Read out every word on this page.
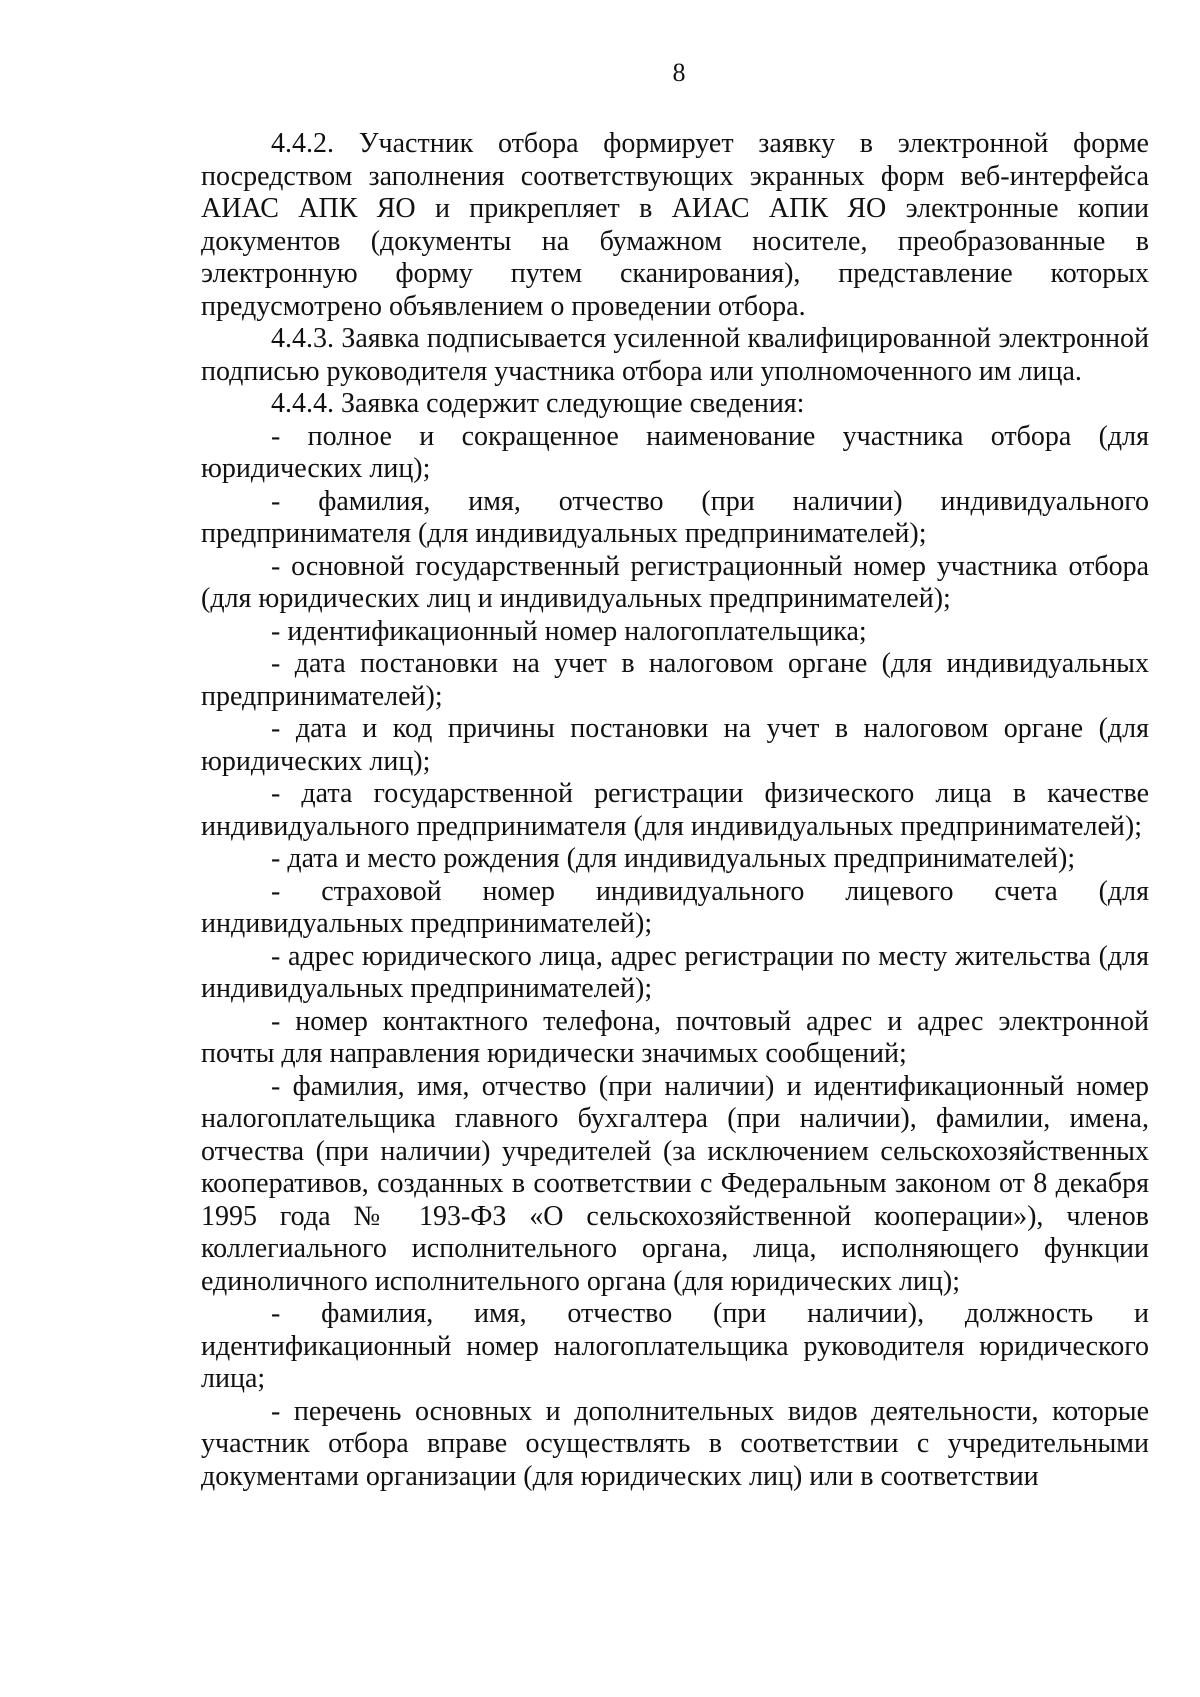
8

4.4.2. Участник отбора формирует заявку в электронной форме посредством заполнения соответствующих экранных форм веб-интерфейса АИАС АПК ЯО и прикрепляет в АИАС АПК ЯО электронные копии документов (документы на бумажном носителе, преобразованные в электронную форму путем сканирования), представление которых предусмотрено объявлением о проведении отбора.

4.4.3. Заявка подписывается усиленной квалифицированной электронной подписью руководителя участника отбора или уполномоченного им лица.

4.4.4. Заявка содержит следующие сведения:

- полное и сокращенное наименование участника отбора (для юридических лиц);

- фамилия, имя, отчество (при наличии) индивидуального предпринимателя (для индивидуальных предпринимателей);

- основной государственный регистрационный номер участника отбора (для юридических лиц и индивидуальных предпринимателей);

- идентификационный номер налогоплательщика;

- дата постановки на учет в налоговом органе (для индивидуальных предпринимателей);

- дата и код причины постановки на учет в налоговом органе (для юридических лиц);

- дата государственной регистрации физического лица в качестве индивидуального предпринимателя (для индивидуальных предпринимателей);

- дата и место рождения (для индивидуальных предпринимателей);

- страховой номер индивидуального лицевого счета (для индивидуальных предпринимателей);

- адрес юридического лица, адрес регистрации по месту жительства (для индивидуальных предпринимателей);

- номер контактного телефона, почтовый адрес и адрес электронной почты для направления юридически значимых сообщений;

- фамилия, имя, отчество (при наличии) и идентификационный номер налогоплательщика главного бухгалтера (при наличии), фамилии, имена, отчества (при наличии) учредителей (за исключением сельскохозяйственных кооперативов, созданных в соответствии с Федеральным законом от 8 декабря 1995 года № 193-ФЗ «О сельскохозяйственной кооперации»), членов коллегиального исполнительного органа, лица, исполняющего функции единоличного исполнительного органа (для юридических лиц);

- фамилия, имя, отчество (при наличии), должность и идентификационный номер налогоплательщика руководителя юридического лица;

- перечень основных и дополнительных видов деятельности, которые участник отбора вправе осуществлять в соответствии с учредительными документами организации (для юридических лиц) или в соответствии
